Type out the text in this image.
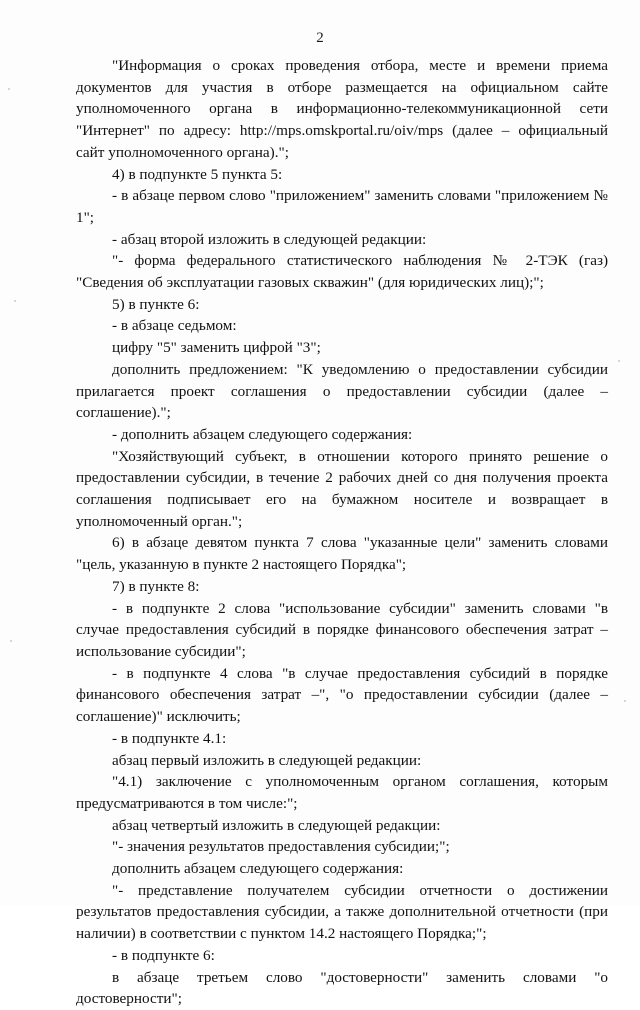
2

"Информация о сроках проведения отбора, месте и времени приема документов для участия в отборе размещается на официальном сайте уполномоченного органа в информационно-телекоммуникационной сети "Интернет" по адресу: http://mps.omskportal.ru/oiv/mps (далее – официальный сайт уполномоченного органа).";

4) в подпункте 5 пункта 5:

- в абзаце первом слово "приложением" заменить словами "приложением № 1";

- абзац второй изложить в следующей редакции:

"- форма федерального статистического наблюдения № 2-ТЭК (газ) "Сведения об эксплуатации газовых скважин" (для юридических лиц);";

5) в пункте 6:

- в абзаце седьмом:

цифру "5" заменить цифрой "3";

дополнить предложением: "К уведомлению о предоставлении субсидии прилагается проект соглашения о предоставлении субсидии (далее – соглашение).";

- дополнить абзацем следующего содержания:

"Хозяйствующий субъект, в отношении которого принято решение о предоставлении субсидии, в течение 2 рабочих дней со дня получения проекта соглашения подписывает его на бумажном носителе и возвращает в уполномоченный орган.";

6) в абзаце девятом пункта 7 слова "указанные цели" заменить словами "цель, указанную в пункте 2 настоящего Порядка";

7) в пункте 8:

- в подпункте 2 слова "использование субсидии" заменить словами "в случае предоставления субсидий в порядке финансового обеспечения затрат – использование субсидии";

- в подпункте 4 слова "в случае предоставления субсидий в порядке финансового обеспечения затрат –", "о предоставлении субсидии (далее – соглашение)" исключить;

- в подпункте 4.1:

абзац первый изложить в следующей редакции:

"4.1) заключение с уполномоченным органом соглашения, которым предусматриваются в том числе:";

абзац четвертый изложить в следующей редакции:

"- значения результатов предоставления субсидии;";

дополнить абзацем следующего содержания:

"- представление получателем субсидии отчетности о достижении результатов предоставления субсидии, а также дополнительной отчетности (при наличии) в соответствии с пунктом 14.2 настоящего Порядка;";

- в подпункте 6:

в абзаце третьем слово "достоверности" заменить словами "о достоверности";
